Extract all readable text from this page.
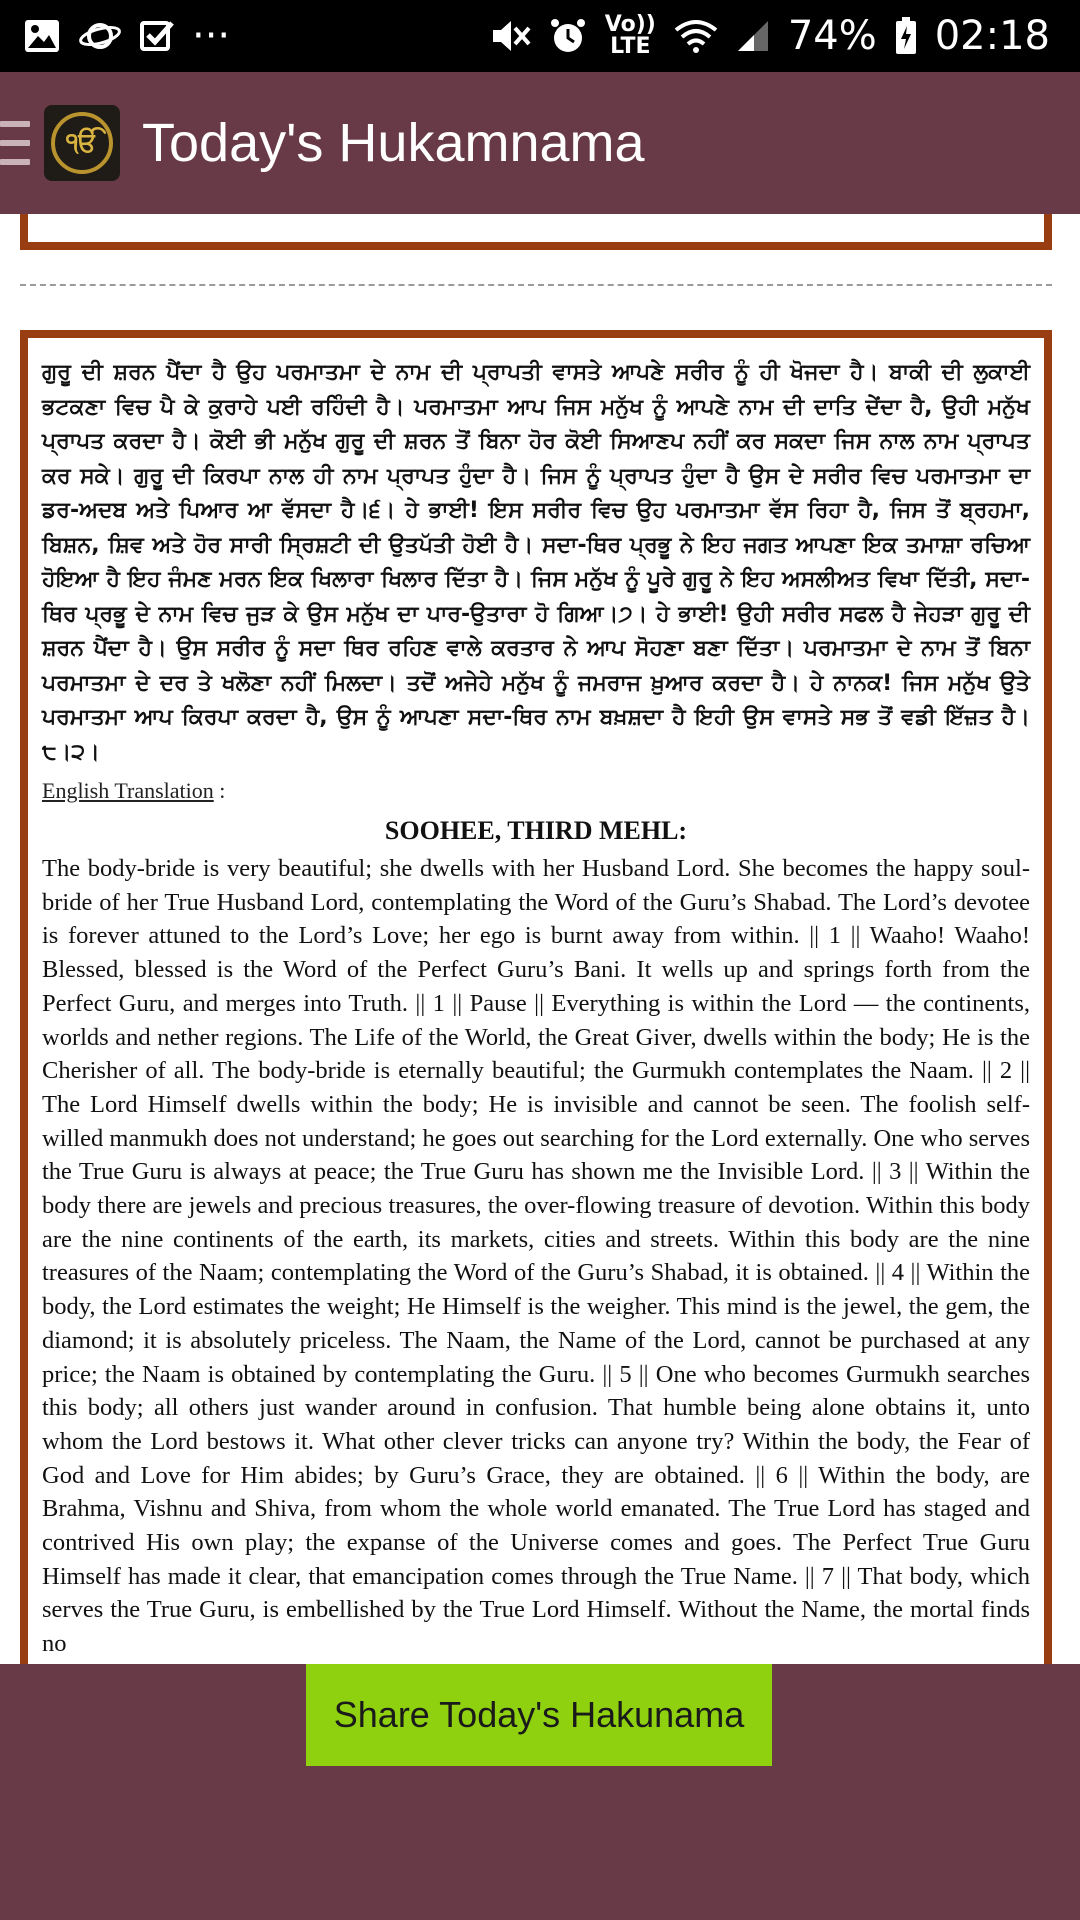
···	Vo))
LTE	74% 02:18
ੴ Today's Hukamnama

ਗੁਰੂ ਦੀ ਸ਼ਰਨ ਪੈਂਦਾ ਹੈ ਉਹ ਪਰਮਾਤਮਾ ਦੇ ਨਾਮ ਦੀ ਪ੍ਰਾਪਤੀ ਵਾਸਤੇ ਆਪਣੇ ਸਰੀਰ ਨੂੰ ਹੀ ਖੋਜਦਾ ਹੈ। ਬਾਕੀ ਦੀ ਲੁਕਾਈ ਭਟਕਣਾ ਵਿਚ ਪੈ ਕੇ ਕੁਰਾਹੇ ਪਈ ਰਹਿੰਦੀ ਹੈ। ਪਰਮਾਤਮਾ ਆਪ ਜਿਸ ਮਨੁੱਖ ਨੂੰ ਆਪਣੇ ਨਾਮ ਦੀ ਦਾਤਿ ਦੇਂਦਾ ਹੈ, ਉਹੀ ਮਨੁੱਖ ਪ੍ਰਾਪਤ ਕਰਦਾ ਹੈ। ਕੋਈ ਭੀ ਮਨੁੱਖ ਗੁਰੂ ਦੀ ਸ਼ਰਨ ਤੋਂ ਬਿਨਾ ਹੋਰ ਕੋਈ ਸਿਆਣਪ ਨਹੀਂ ਕਰ ਸਕਦਾ ਜਿਸ ਨਾਲ ਨਾਮ ਪ੍ਰਾਪਤ ਕਰ ਸਕੇ। ਗੁਰੂ ਦੀ ਕਿਰਪਾ ਨਾਲ ਹੀ ਨਾਮ ਪ੍ਰਾਪਤ ਹੁੰਦਾ ਹੈ। ਜਿਸ ਨੂੰ ਪ੍ਰਾਪਤ ਹੁੰਦਾ ਹੈ ਉਸ ਦੇ ਸਰੀਰ ਵਿਚ ਪਰਮਾਤਮਾ ਦਾ ਡਰ-ਅਦਬ ਅਤੇ ਪਿਆਰ ਆ ਵੱਸਦਾ ਹੈ।੬। ਹੇ ਭਾਈ! ਇਸ ਸਰੀਰ ਵਿਚ ਉਹ ਪਰਮਾਤਮਾ ਵੱਸ ਰਿਹਾ ਹੈ, ਜਿਸ ਤੋਂ ਬ੍ਰਹਮਾ, ਬਿਸ਼ਨ, ਸ਼ਿਵ ਅਤੇ ਹੋਰ ਸਾਰੀ ਸ੍ਰਿਸ਼ਟੀ ਦੀ ਉਤਪੱਤੀ ਹੋਈ ਹੈ। ਸਦਾ-ਥਿਰ ਪ੍ਰਭੂ ਨੇ ਇਹ ਜਗਤ ਆਪਣਾ ਇਕ ਤਮਾਸ਼ਾ ਰਚਿਆ ਹੋਇਆ ਹੈ ਇਹ ਜੰਮਣ ਮਰਨ ਇਕ ਖਿਲਾਰਾ ਖਿਲਾਰ ਦਿੱਤਾ ਹੈ। ਜਿਸ ਮਨੁੱਖ ਨੂੰ ਪੂਰੇ ਗੁਰੂ ਨੇ ਇਹ ਅਸਲੀਅਤ ਵਿਖਾ ਦਿੱਤੀ, ਸਦਾ-ਥਿਰ ਪ੍ਰਭੂ ਦੇ ਨਾਮ ਵਿਚ ਜੁੜ ਕੇ ਉਸ ਮਨੁੱਖ ਦਾ ਪਾਰ-ਉਤਾਰਾ ਹੋ ਗਿਆ।੭। ਹੇ ਭਾਈ! ਉਹੀ ਸਰੀਰ ਸਫਲ ਹੈ ਜੇਹੜਾ ਗੁਰੂ ਦੀ ਸ਼ਰਨ ਪੈਂਦਾ ਹੈ। ਉਸ ਸਰੀਰ ਨੂੰ ਸਦਾ ਥਿਰ ਰਹਿਣ ਵਾਲੇ ਕਰਤਾਰ ਨੇ ਆਪ ਸੋਹਣਾ ਬਣਾ ਦਿੱਤਾ। ਪਰਮਾਤਮਾ ਦੇ ਨਾਮ ਤੋਂ ਬਿਨਾ ਪਰਮਾਤਮਾ ਦੇ ਦਰ ਤੇ ਖਲੋਣਾ ਨਹੀਂ ਮਿਲਦਾ। ਤਦੋਂ ਅਜੇਹੇ ਮਨੁੱਖ ਨੂੰ ਜਮਰਾਜ ਖ਼ੁਆਰ ਕਰਦਾ ਹੈ। ਹੇ ਨਾਨਕ! ਜਿਸ ਮਨੁੱਖ ਉਤੇ ਪਰਮਾਤਮਾ ਆਪ ਕਿਰਪਾ ਕਰਦਾ ਹੈ, ਉਸ ਨੂੰ ਆਪਣਾ ਸਦਾ-ਥਿਰ ਨਾਮ ਬਖ਼ਸ਼ਦਾ ਹੈ ਇਹੀ ਉਸ ਵਾਸਤੇ ਸਭ ਤੋਂ ਵਡੀ ਇੱਜ਼ਤ ਹੈ।੮।੨।

English Translation :
SOOHEE, THIRD MEHL:

The body-bride is very beautiful; she dwells with her Husband Lord. She becomes the happy soul-bride of her True Husband Lord, contemplating the Word of the Guru’s Shabad. The Lord’s devotee is forever attuned to the Lord’s Love; her ego is burnt away from within. || 1 || Waaho! Waaho! Blessed, blessed is the Word of the Perfect Guru’s Bani. It wells up and springs forth from the Perfect Guru, and merges into Truth. || 1 || Pause || Everything is within the Lord — the continents, worlds and nether regions. The Life of the World, the Great Giver, dwells within the body; He is the Cherisher of all. The body-bride is eternally beautiful; the Gurmukh contemplates the Naam. || 2 || The Lord Himself dwells within the body; He is invisible and cannot be seen. The foolish self-willed manmukh does not understand; he goes out searching for the Lord externally. One who serves the True Guru is always at peace; the True Guru has shown me the Invisible Lord. || 3 || Within the body there are jewels and precious treasures, the over-flowing treasure of devotion. Within this body are the nine continents of the earth, its markets, cities and streets. Within this body are the nine treasures of the Naam; contemplating the Word of the Guru’s Shabad, it is obtained. || 4 || Within the body, the Lord estimates the weight; He Himself is the weigher. This mind is the jewel, the gem, the diamond; it is absolutely priceless. The Naam, the Name of the Lord, cannot be purchased at any price; the Naam is obtained by contemplating the Guru. || 5 || One who becomes Gurmukh searches this body; all others just wander around in confusion. That humble being alone obtains it, unto whom the Lord bestows it. What other clever tricks can anyone try? Within the body, the Fear of God and Love for Him abides; by Guru’s Grace, they are obtained. || 6 || Within the body, are Brahma, Vishnu and Shiva, from whom the whole world emanated. The True Lord has staged and contrived His own play; the expanse of the Universe comes and goes. The Perfect True Guru Himself has made it clear, that emancipation comes through the True Name. || 7 || That body, which serves the True Guru, is embellished by the True Lord Himself. Without the Name, the mortal finds no

Share Today's Hakunama
